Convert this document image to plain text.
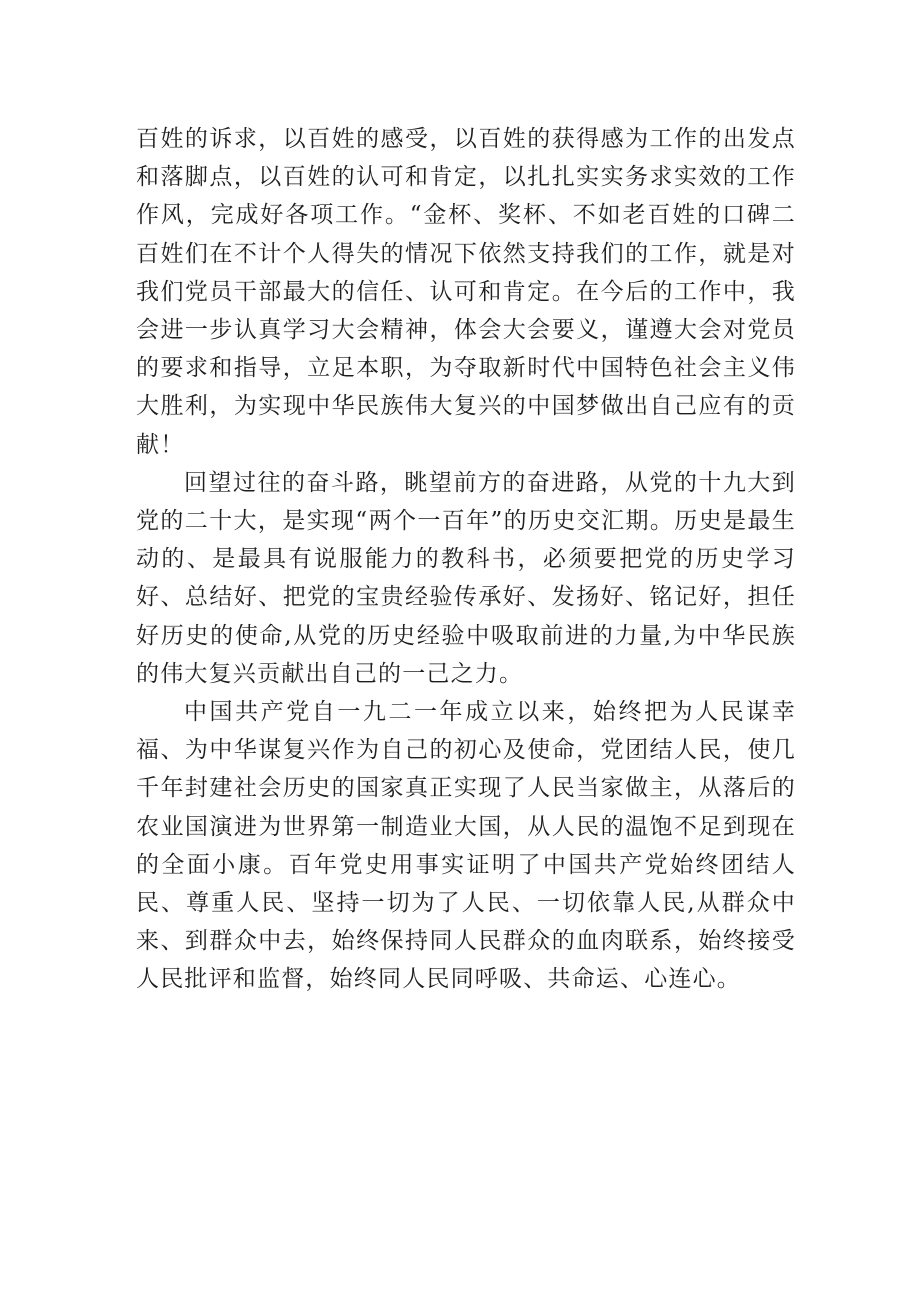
百姓的诉求，以百姓的感受，以百姓的获得感为工作的出发点和落脚点，以百姓的认可和肯定，以扎扎实实务求实效的工作作风，完成好各项工作。“金杯、奖杯、不如老百姓的口碑二百姓们在不计个人得失的情况下依然支持我们的工作，就是对我们党员干部最大的信任、认可和肯定。在今后的工作中，我会进一步认真学习大会精神，体会大会要义，谨遵大会对党员的要求和指导，立足本职，为夺取新时代中国特色社会主义伟大胜利，为实现中华民族伟大复兴的中国梦做出自己应有的贡献！

回望过往的奋斗路，眺望前方的奋进路，从党的十九大到党的二十大，是实现“两个一百年”的历史交汇期。历史是最生动的、是最具有说服能力的教科书，必须要把党的历史学习好、总结好、把党的宝贵经验传承好、发扬好、铭记好，担任好历史的使命,从党的历史经验中吸取前进的力量,为中华民族的伟大复兴贡献出自己的一己之力。

中国共产党自一九二一年成立以来，始终把为人民谋幸福、为中华谋复兴作为自己的初心及使命，党团结人民，使几千年封建社会历史的国家真正实现了人民当家做主，从落后的农业国演进为世界第一制造业大国，从人民的温饱不足到现在的全面小康。百年党史用事实证明了中国共产党始终团结人民、尊重人民、坚持一切为了人民、一切依靠人民,从群众中来、到群众中去，始终保持同人民群众的血肉联系，始终接受人民批评和监督，始终同人民同呼吸、共命运、心连心。
